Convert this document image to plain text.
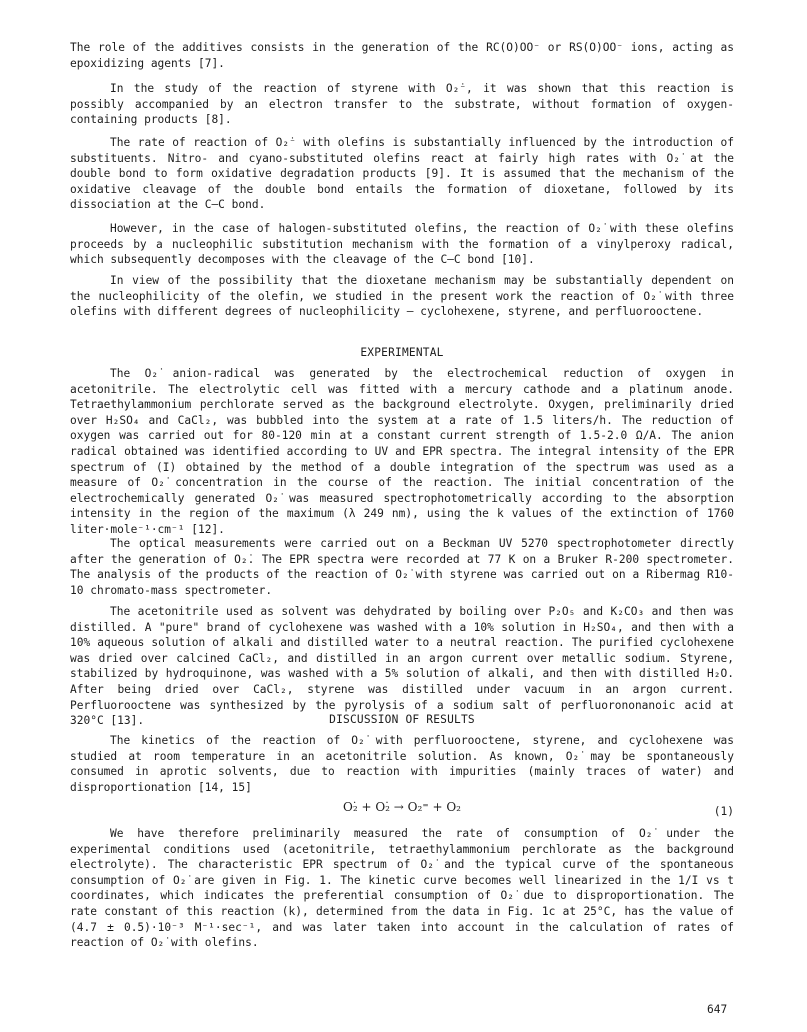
The role of the additives consists in the generation of the RC(O)OO⁻ or RS(O)OO⁻ ions, acting as epoxidizing agents [7].

In the study of the reaction of styrene with O₂̇⁻, it was shown that this reaction is possibly accompanied by an electron transfer to the substrate, without formation of oxygen-containing products [8].

The rate of reaction of O₂̇⁻ with olefins is substantially influenced by the introduction of substituents. Nitro- and cyano-substituted olefins react at fairly high rates with O₂̇ at the double bond to form oxidative degradation products [9]. It is assumed that the mechanism of the oxidative cleavage of the double bond entails the formation of dioxetane, followed by its dissociation at the C–C bond.

However, in the case of halogen-substituted olefins, the reaction of O₂̇ with these olefins proceeds by a nucleophilic substitution mechanism with the formation of a vinylperoxy radical, which subsequently decomposes with the cleavage of the C–C bond [10].

In view of the possibility that the dioxetane mechanism may be substantially dependent on the nucleophilicity of the olefin, we studied in the present work the reaction of O₂̇ with three olefins with different degrees of nucleophilicity — cyclohexene, styrene, and perfluorooctene.

EXPERIMENTAL

The O₂̇ anion-radical was generated by the electrochemical reduction of oxygen in acetonitrile. The electrolytic cell was fitted with a mercury cathode and a platinum anode. Tetraethylammonium perchlorate served as the background electrolyte. Oxygen, preliminarily dried over H₂SO₄ and CaCl₂, was bubbled into the system at a rate of 1.5 liters/h. The reduction of oxygen was carried out for 80-120 min at a constant current strength of 1.5-2.0 Ω/A. The anion radical obtained was identified according to UV and EPR spectra. The integral intensity of the EPR spectrum of (I) obtained by the method of a double integration of the spectrum was used as a measure of O₂̇ concentration in the course of the reaction. The initial concentration of the electrochemically generated O₂̇ was measured spectrophotometrically according to the absorption intensity in the region of the maximum (λ 249 nm), using the k values of the extinction of 1760 liter·mole⁻¹·cm⁻¹ [12].

The optical measurements were carried out on a Beckman UV 5270 spectrophotometer directly after the generation of O₂̇. The EPR spectra were recorded at 77 K on a Bruker R-200 spectrometer. The analysis of the products of the reaction of O₂̇ with styrene was carried out on a Ribermag R10-10 chromato-mass spectrometer.

The acetonitrile used as solvent was dehydrated by boiling over P₂O₅ and K₂CO₃ and then was distilled. A "pure" brand of cyclohexene was washed with a 10% solution in H₂SO₄, and then with a 10% aqueous solution of alkali and distilled water to a neutral reaction. The purified cyclohexene was dried over calcined CaCl₂, and distilled in an argon current over metallic sodium. Styrene, stabilized by hydroquinone, was washed with a 5% solution of alkali, and then with distilled H₂O. After being dried over CaCl₂, styrene was distilled under vacuum in an argon current. Perfluorooctene was synthesized by the pyrolysis of a sodium salt of perfluorononanoic acid at 320°C [13].	DISCUSSION OF RESULTS

The kinetics of the reaction of O₂̇ with perfluorooctene, styrene, and cyclohexene was studied at room temperature in an acetonitrile solution. As known, O₂̇ may be spontaneously consumed in aprotic solvents, due to reaction with impurities (mainly traces of water) and disproportionation [14, 15]

O₂̇ + O₂̇ → O₂⁼ + O₂	(1)

We have therefore preliminarily measured the rate of consumption of O₂̇ under the experimental conditions used (acetonitrile, tetraethylammonium perchlorate as the background electrolyte). The characteristic EPR spectrum of O₂̇ and the typical curve of the spontaneous consumption of O₂̇ are given in Fig. 1. The kinetic curve becomes well linearized in the 1/I vs t coordinates, which indicates the preferential consumption of O₂̇ due to disproportionation. The rate constant of this reaction (k), determined from the data in Fig. 1c at 25°C, has the value of (4.7 ± 0.5)·10⁻³ M⁻¹·sec⁻¹, and was later taken into account in the calculation of rates of reaction of O₂̇ with olefins.

647
